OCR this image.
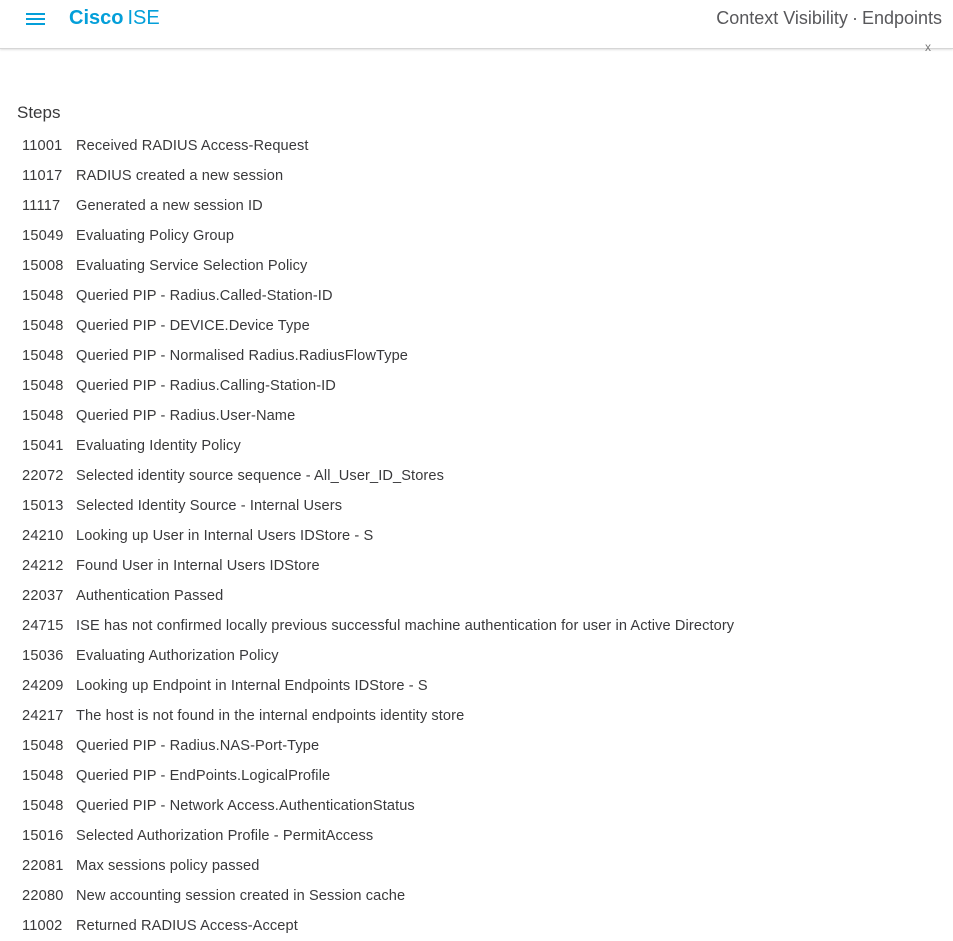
Cisco ISE	Context Visibility · Endpoints
x
Steps
11001 Received RADIUS Access-Request
11017 RADIUS created a new session
11117	Generated a new session ID
15049 Evaluating Policy Group
15008 Evaluating Service Selection Policy
15048 Queried PIP - Radius.Called-Station-ID
15048 Queried PIP - DEVICE.Device Type
15048 Queried PIP - Normalised Radius.RadiusFlowType
15048 Queried PIP - Radius.Calling-Station-ID
15048 Queried PIP - Radius.User-Name
15041 Evaluating Identity Policy
22072 Selected identity source sequence - All_User_ID_Stores
15013 Selected Identity Source - Internal Users
24210 Looking up User in Internal Users IDStore - S
24212 Found User in Internal Users IDStore
22037 Authentication Passed
24715 ISE has not confirmed locally previous successful machine authentication for user in Active Directory
15036 Evaluating Authorization Policy
24209 Looking up Endpoint in Internal Endpoints IDStore - S
24217 The host is not found in the internal endpoints identity store
15048 Queried PIP - Radius.NAS-Port-Type
15048 Queried PIP - EndPoints.LogicalProfile
15048 Queried PIP - Network Access.AuthenticationStatus
15016 Selected Authorization Profile - PermitAccess
22081 Max sessions policy passed
22080 New accounting session created in Session cache
11002 Returned RADIUS Access-Accept
